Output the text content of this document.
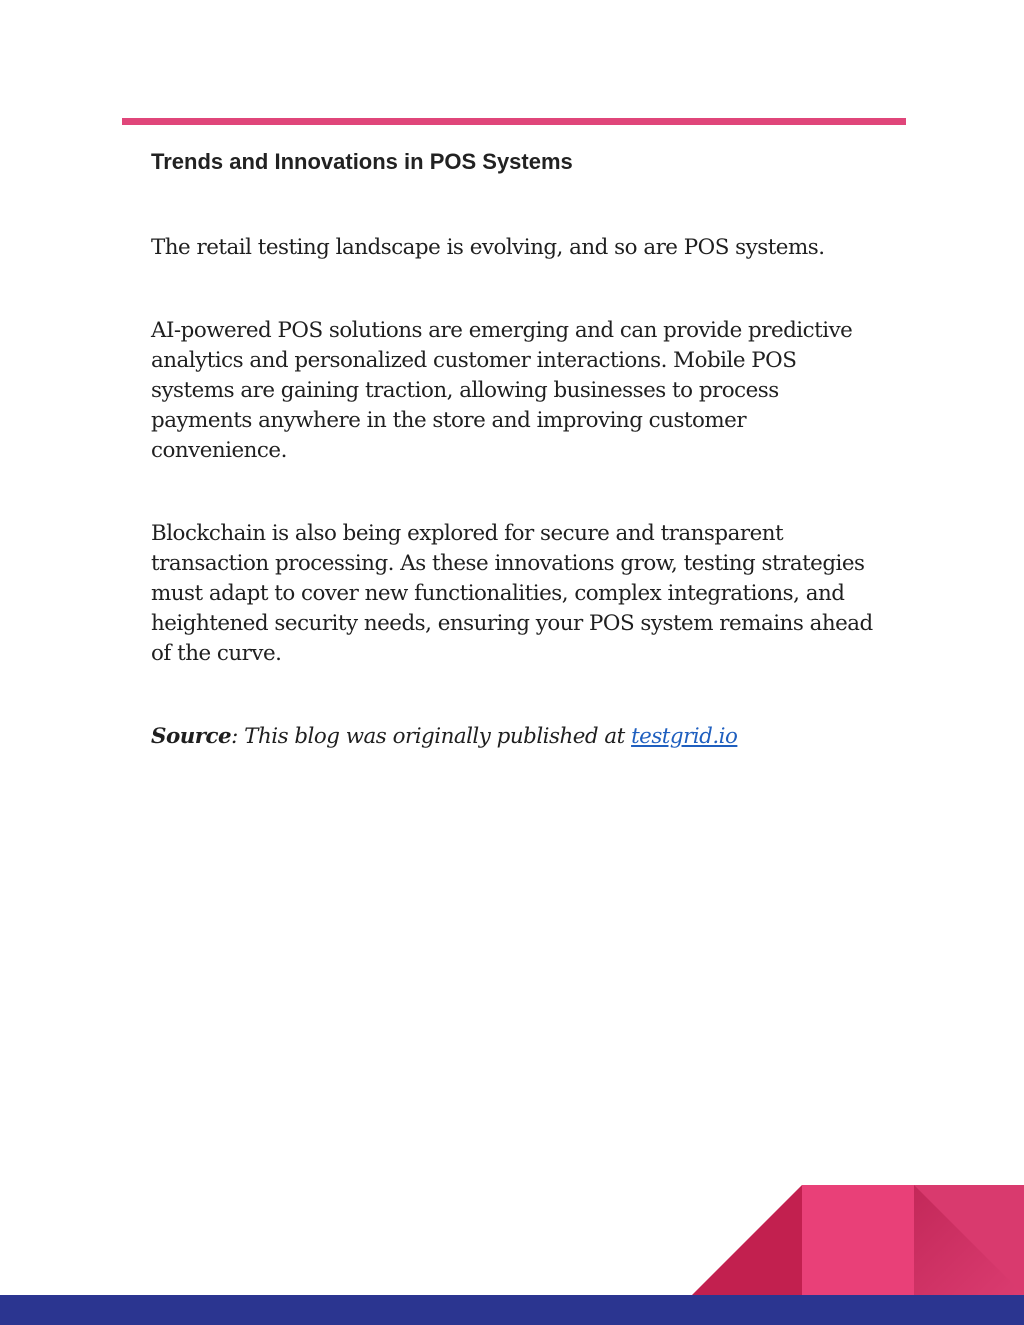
Trends and Innovations in POS Systems

The retail testing landscape is evolving, and so are POS systems.

AI-powered POS solutions are emerging and can provide predictive analytics and personalized customer interactions. Mobile POS systems are gaining traction, allowing businesses to process payments anywhere in the store and improving customer convenience.

Blockchain is also being explored for secure and transparent transaction processing. As these innovations grow, testing strategies must adapt to cover new functionalities, complex integrations, and heightened security needs, ensuring your POS system remains ahead of the curve.

Source: This blog was originally published at testgrid.io
